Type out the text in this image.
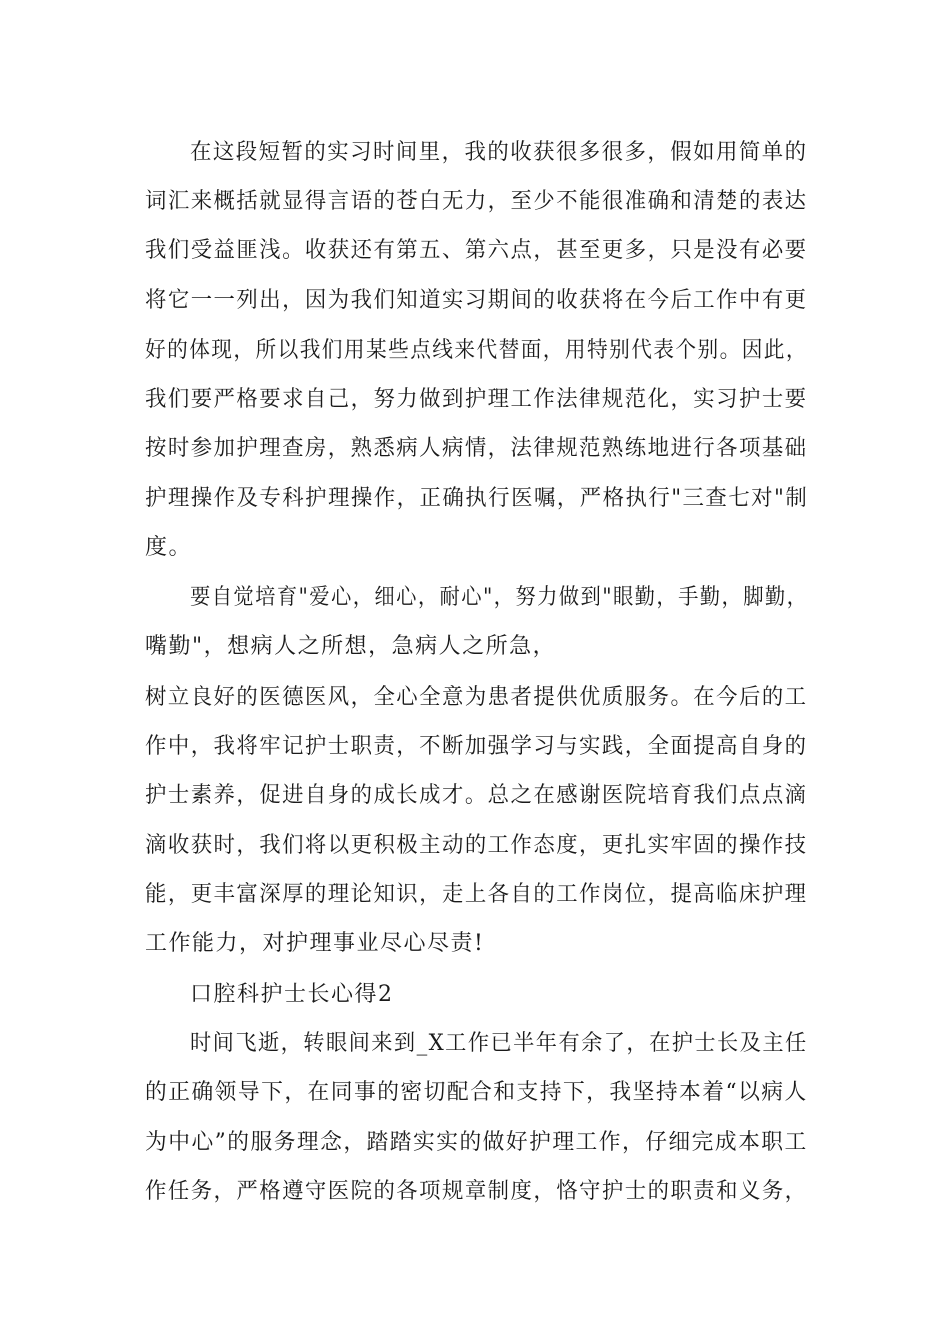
在这段短暂的实习时间里，我的收获很多很多，假如用简单的
词汇来概括就显得言语的苍白无力，至少不能很准确和清楚的表达
我们受益匪浅。收获还有第五、第六点，甚至更多，只是没有必要
将它一一列出，因为我们知道实习期间的收获将在今后工作中有更
好的体现，所以我们用某些点线来代替面，用特别代表个别。因此，
我们要严格要求自己，努力做到护理工作法律规范化，实习护士要
按时参加护理查房，熟悉病人病情，法律规范熟练地进行各项基础
护理操作及专科护理操作，正确执行医嘱，严格执行"三查七对"制
度。
要自觉培育"爱心，细心，耐心"，努力做到"眼勤，手勤，脚勤，
嘴勤"，想病人之所想，急病人之所急，
树立良好的医德医风，全心全意为患者提供优质服务。在今后的工
作中，我将牢记护士职责，不断加强学习与实践，全面提高自身的
护士素养，促进自身的成长成才。总之在感谢医院培育我们点点滴
滴收获时，我们将以更积极主动的工作态度，更扎实牢固的操作技
能，更丰富深厚的理论知识，走上各自的工作岗位，提高临床护理
工作能力，对护理事业尽心尽责!
口腔科护士长心得2
时间飞逝，转眼间来到_X工作已半年有余了，在护士长及主任
的正确领导下，在同事的密切配合和支持下，我坚持本着“以病人
为中心”的服务理念，踏踏实实的做好护理工作，仔细完成本职工
作任务，严格遵守医院的各项规章制度，恪守护士的职责和义务，
